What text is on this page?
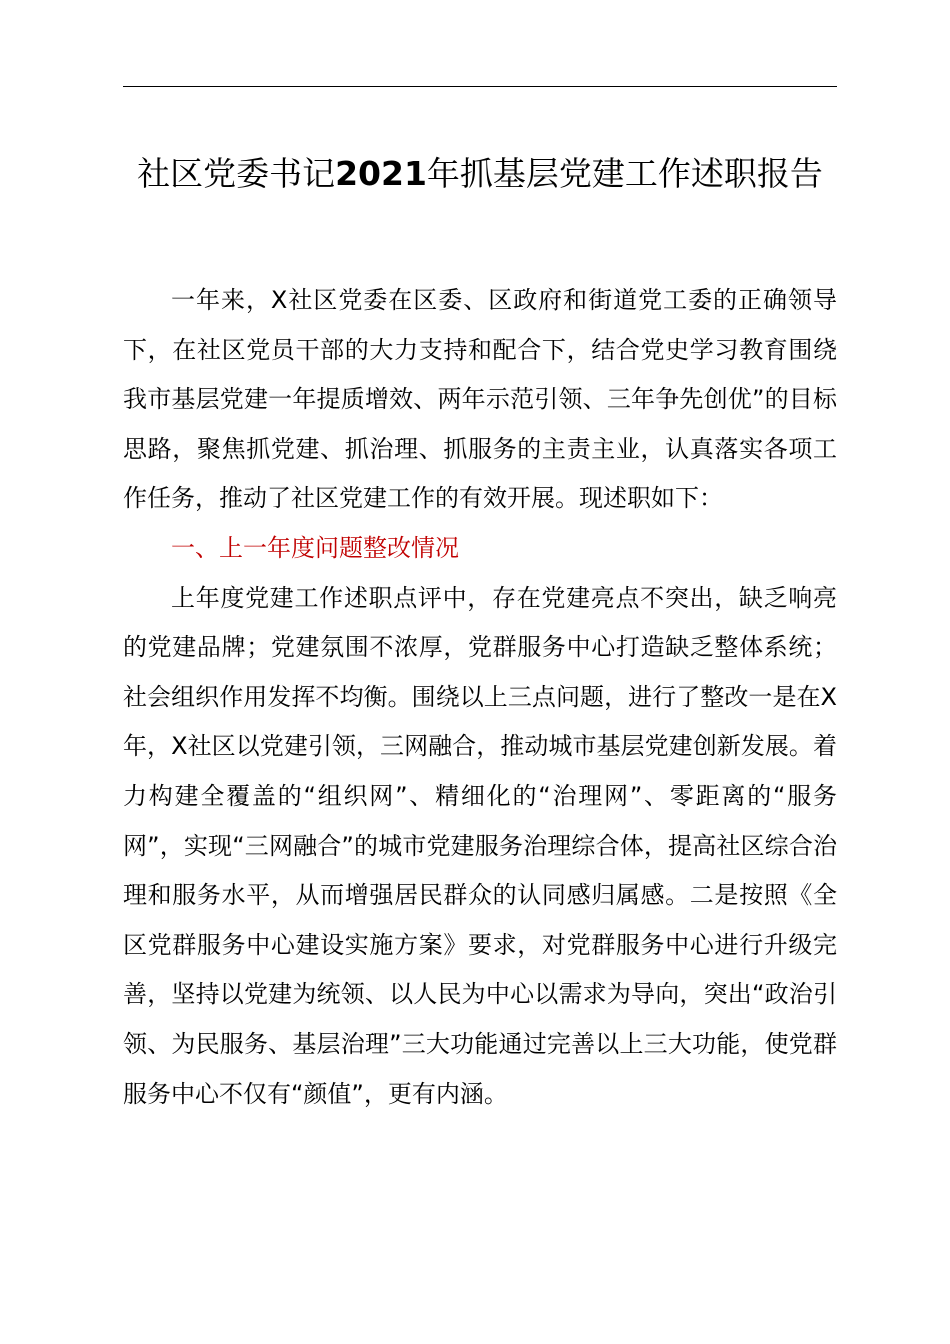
社区党委书记2021年抓基层党建工作述职报告

一年来，X社区党委在区委、区政府和街道党工委的正确领导下，在社区党员干部的大力支持和配合下，结合党史学习教育围绕我市基层党建一年提质增效、两年示范引领、三年争先创优”的目标思路，聚焦抓党建、抓治理、抓服务的主责主业，认真落实各项工作任务，推动了社区党建工作的有效开展。现述职如下：

一、上一年度问题整改情况

上年度党建工作述职点评中，存在党建亮点不突出，缺乏响亮的党建品牌；党建氛围不浓厚，党群服务中心打造缺乏整体系统；社会组织作用发挥不均衡。围绕以上三点问题，进行了整改一是在X年，X社区以党建引领，三网融合，推动城市基层党建创新发展。着力构建全覆盖的“组织网”、精细化的“治理网”、零距离的“服务网”，实现“三网融合”的城市党建服务治理综合体，提高社区综合治理和服务水平，从而增强居民群众的认同感归属感。二是按照《全区党群服务中心建设实施方案》要求，对党群服务中心进行升级完善，坚持以党建为统领、以人民为中心以需求为导向，突出“政治引领、为民服务、基层治理”三大功能通过完善以上三大功能，使党群服务中心不仅有“颜值”，更有内涵。
